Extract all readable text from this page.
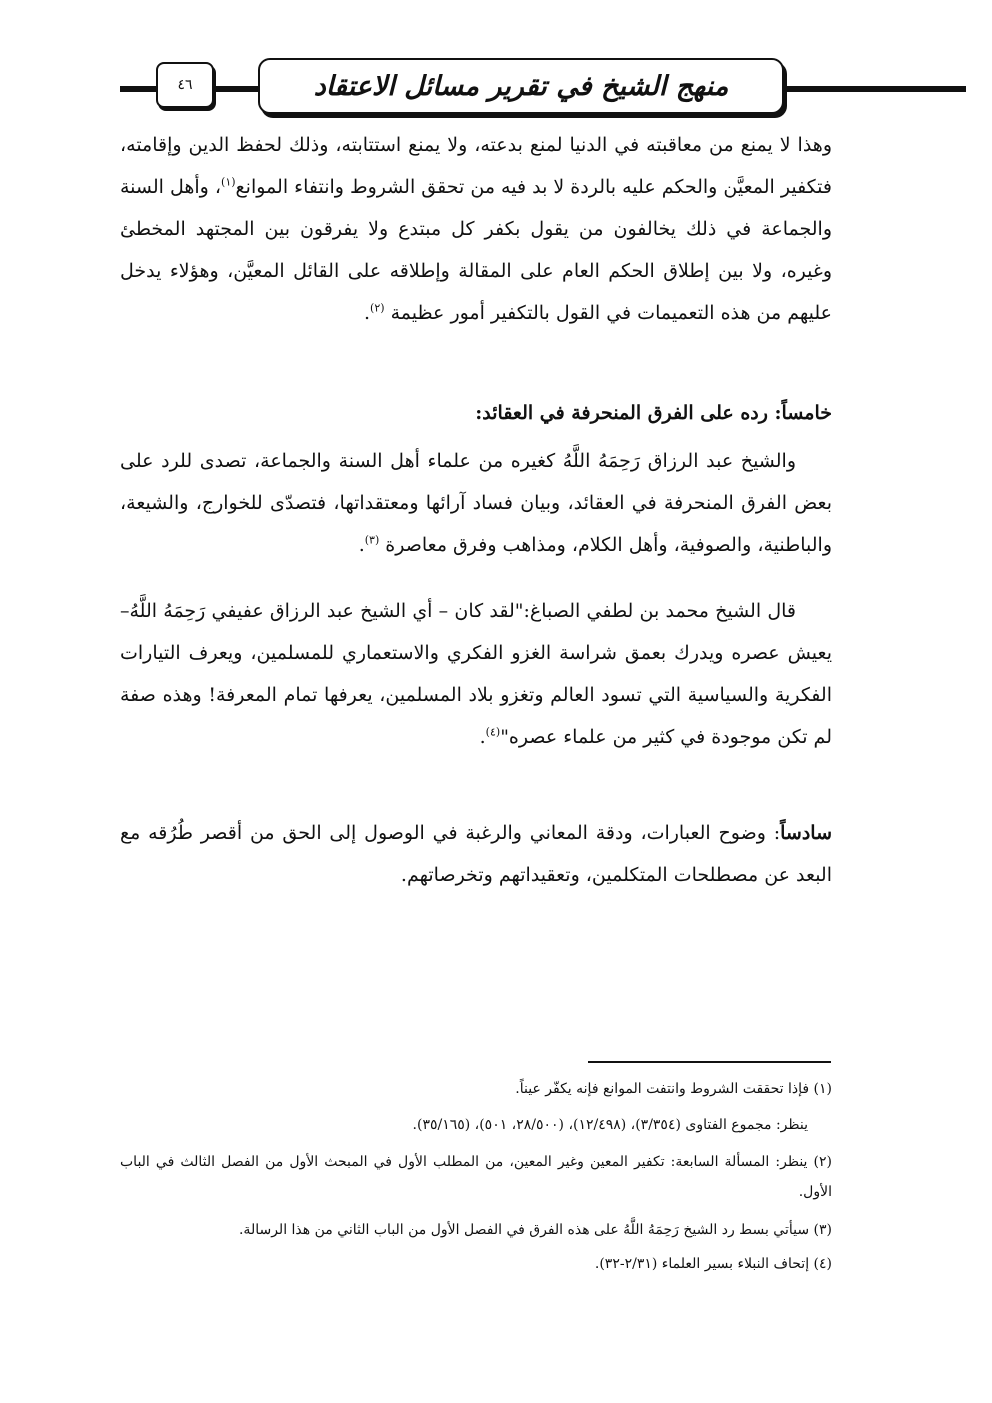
٤٦	منهج الشيخ في تقرير مسائل الاعتقاد

وهذا لا يمنع من معاقبته في الدنيا لمنع بدعته، ولا يمنع استتابته، وذلك لحفظ الدين وإقامته، فتكفير المعيَّن والحكم عليه بالردة لا بد فيه من تحقق الشروط وانتفاء الموانع$^{(١)}$، وأهل السنة والجماعة في ذلك يخالفون من يقول بكفر كل مبتدع ولا يفرقون بين المجتهد المخطئ وغيره، ولا بين إطلاق الحكم العام على المقالة وإطلاقه على القائل المعيَّن، وهؤلاء يدخل عليهم من هذه التعميمات في القول بالتكفير أمور عظيمة $^{(٢)}$.

خامساً: رده على الفرق المنحرفة في العقائد:

والشيخ عبد الرزاق رَحِمَهُ اللَّهُ كغيره من علماء أهل السنة والجماعة، تصدى للرد على بعض الفرق المنحرفة في العقائد، وبيان فساد آرائها ومعتقداتها، فتصدّى للخوارج، والشيعة، والباطنية، والصوفية، وأهل الكلام، ومذاهب وفرق معاصرة $^{(٣)}$.

قال الشيخ محمد بن لطفي الصباغ:"لقد كان – أي الشيخ عبد الرزاق عفيفي رَحِمَهُ اللَّهُ– يعيش عصره ويدرك بعمق شراسة الغزو الفكري والاستعماري للمسلمين، ويعرف التيارات الفكرية والسياسية التي تسود العالم وتغزو بلاد المسلمين، يعرفها تمام المعرفة! وهذه صفة لم تكن موجودة في كثير من علماء عصره"$^{(٤)}$.

سادساً: وضوح العبارات، ودقة المعاني والرغبة في الوصول إلى الحق من أقصر طُرُقه مع البعد عن مصطلحات المتكلمين، وتعقيداتهم وتخرصاتهم.

(١) فإذا تحققت الشروط وانتفت الموانع فإنه يكفّر عيناً.

ينظر: مجموع الفتاوى (٣/٣٥٤)، (١٢/٤٩٨)، (٢٨/٥٠٠، ٥٠١)، (٣٥/١٦٥).

(٢) ينظر: المسألة السابعة: تكفير المعين وغير المعين، من المطلب الأول في المبحث الأول من الفصل الثالث في الباب الأول.

(٣) سيأتي بسط رد الشيخ رَحِمَهُ اللَّهُ على هذه الفرق في الفصل الأول من الباب الثاني من هذا الرسالة.

(٤) إتحاف النبلاء بسير العلماء (٢/٣١-٣٢).
